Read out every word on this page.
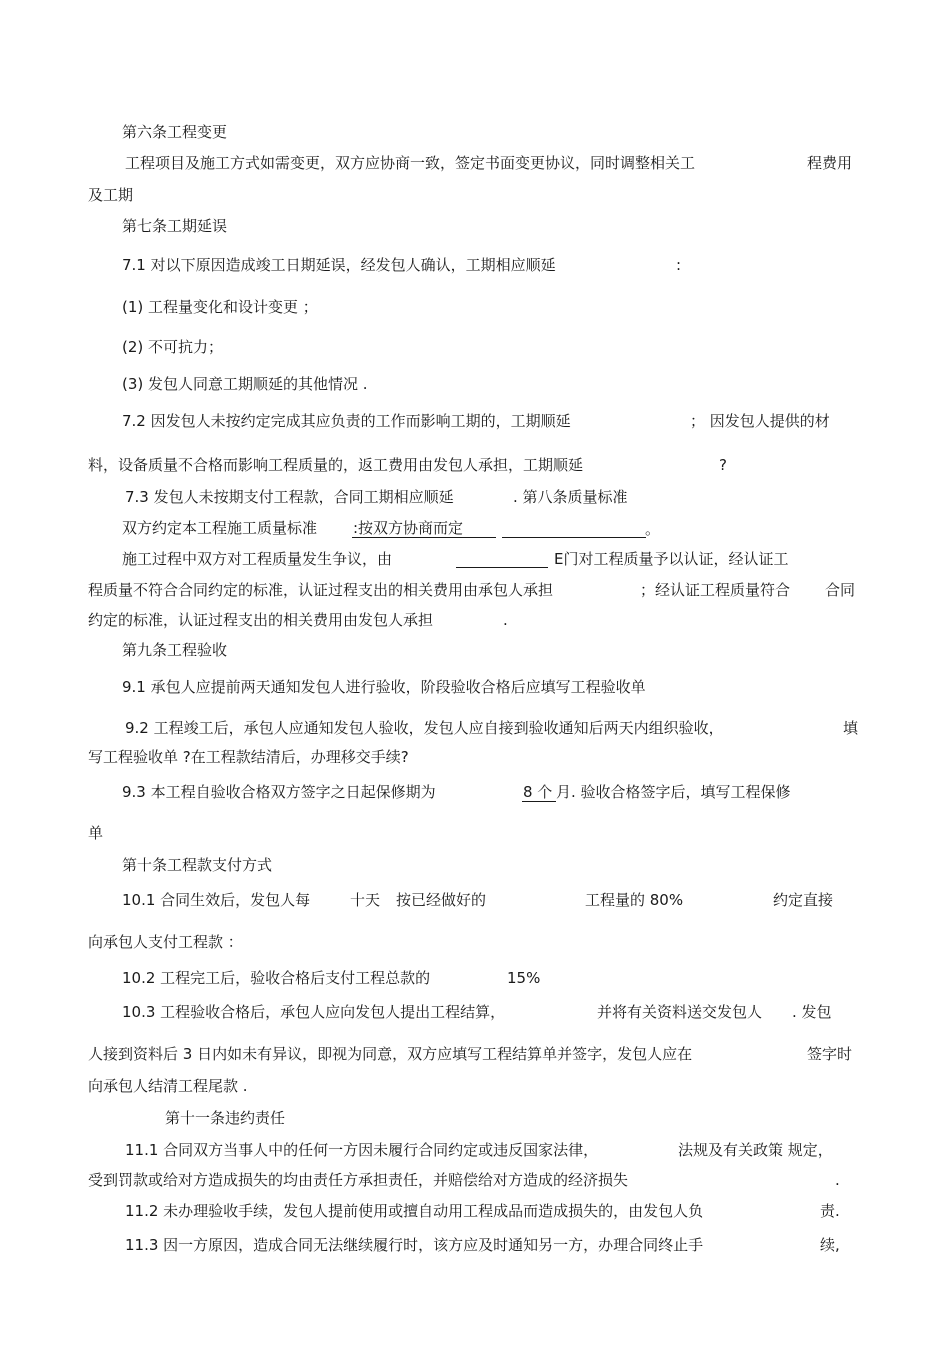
第六条工程变更
工程项目及施工方式如需变更，双方应协商一致，签定书面变更协议，同时调整相关工	程费用
及工期
第七条工期延误
7.1 对以下原因造成竣工日期延误，经发包人确认，工期相应顺延	:
(1) 工程量变化和设计变更 ；
(2) 不可抗力；
(3) 发包人同意工期顺延的其他情况 .
7.2 因发包人未按约定完成其应负责的工作而影响工期的，工期顺延	； 因发包人提供的材
料，设备质量不合格而影响工程质量的，返工费用由发包人承担，工期顺延	?
7.3 发包人未按期支付工程款，合同工期相应顺延	. 第八条质量标准
双方约定本工程施工质量标准 :按双方协商而定	。
施工过程中双方对工程质量发生争议，由	E门对工程质量予以认证，经认证工
程质量不符合合同约定的标准，认证过程支出的相关费用由承包人承担	；经认证工程质量符合 合同
约定的标准，认证过程支出的相关费用由发包人承担	.
第九条工程验收
9.1 承包人应提前两天通知发包人进行验收，阶段验收合格后应填写工程验收单
9.2 工程竣工后，承包人应通知发包人验收，发包人应自接到验收通知后两天内组织验收，	填
写工程验收单 ?在工程款结清后，办理移交手续?
9.3 本工程自验收合格双方签字之日起保修期为	8 个 月. 验收合格签字后，填写工程保修
单
第十条工程款支付方式
10.1 合同生效后，发包人每	十天 按已经做好的	工程量的 80%	约定直接
向承包人支付工程款 ：
10.2 工程完工后，验收合格后支付工程总款的	15%
10.3 工程验收合格后，承包人应向发包人提出工程结算，	并将有关资料送交发包人 . 发包
人接到资料后 3 日内如未有异议，即视为同意，双方应填写工程结算单并签字，发包人应在	签字时
向承包人结清工程尾款 .
第十一条违约责任
11.1 合同双方当事人中的任何一方因未履行合同约定或违反国家法律，	法规及有关政策 规定，
受到罚款或给对方造成损失的均由责任方承担责任，并赔偿给对方造成的经济损失	.
11.2 未办理验收手续，发包人提前使用或擅自动用工程成品而造成损失的，由发包人负	责.
11.3 因一方原因，造成合同无法继续履行时，该方应及时通知另一方，办理合同终止手	续,
